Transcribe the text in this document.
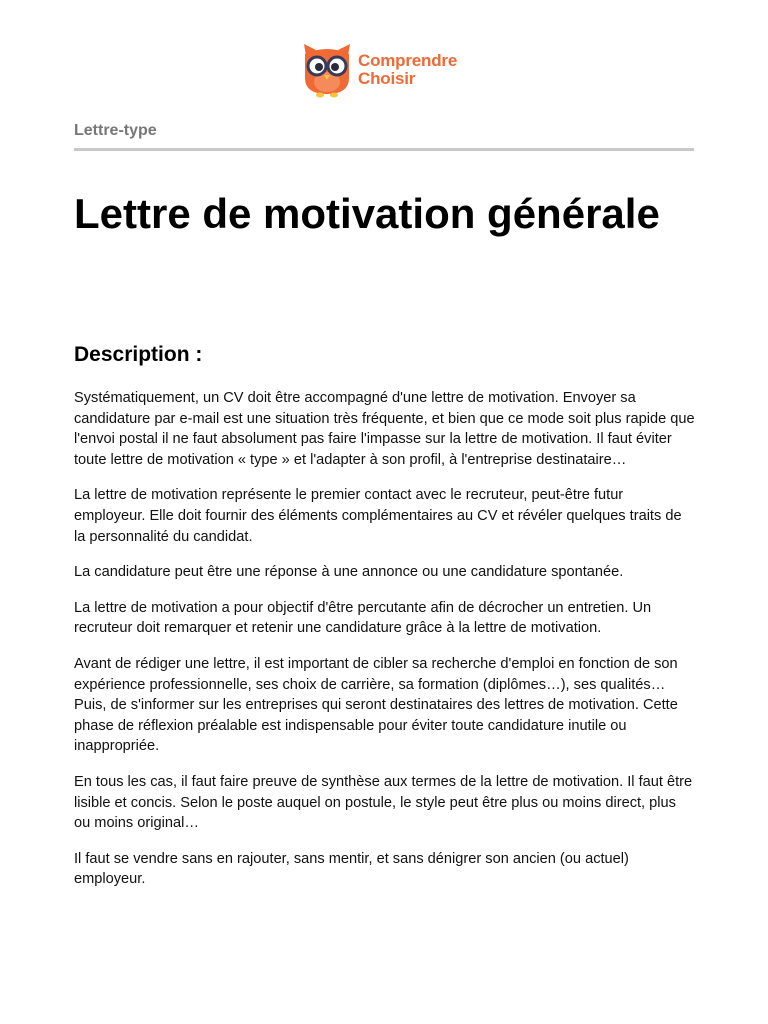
Comprendre
Choisir
Lettre-type
Lettre de motivation générale
Description :

Systématiquement, un CV doit être accompagné d'une lettre de motivation. Envoyer sa candidature par e-mail est une situation très fréquente, et bien que ce mode soit plus rapide que l'envoi postal il ne faut absolument pas faire l'impasse sur la lettre de motivation. Il faut éviter toute lettre de motivation « type » et l'adapter à son profil, à l'entreprise destinataire…

La lettre de motivation représente le premier contact avec le recruteur, peut-être futur employeur. Elle doit fournir des éléments complémentaires au CV et révéler quelques traits de la personnalité du candidat.

La candidature peut être une réponse à une annonce ou une candidature spontanée.

La lettre de motivation a pour objectif d'être percutante afin de décrocher un entretien. Un recruteur doit remarquer et retenir une candidature grâce à la lettre de motivation.

Avant de rédiger une lettre, il est important de cibler sa recherche d'emploi en fonction de son expérience professionnelle, ses choix de carrière, sa formation (diplômes…), ses qualités… Puis, de s'informer sur les entreprises qui seront destinataires des lettres de motivation. Cette phase de réflexion préalable est indispensable pour éviter toute candidature inutile ou inappropriée.

En tous les cas, il faut faire preuve de synthèse aux termes de la lettre de motivation. Il faut être lisible et concis. Selon le poste auquel on postule, le style peut être plus ou moins direct, plus ou moins original…

Il faut se vendre sans en rajouter, sans mentir, et sans dénigrer son ancien (ou actuel) employeur.
